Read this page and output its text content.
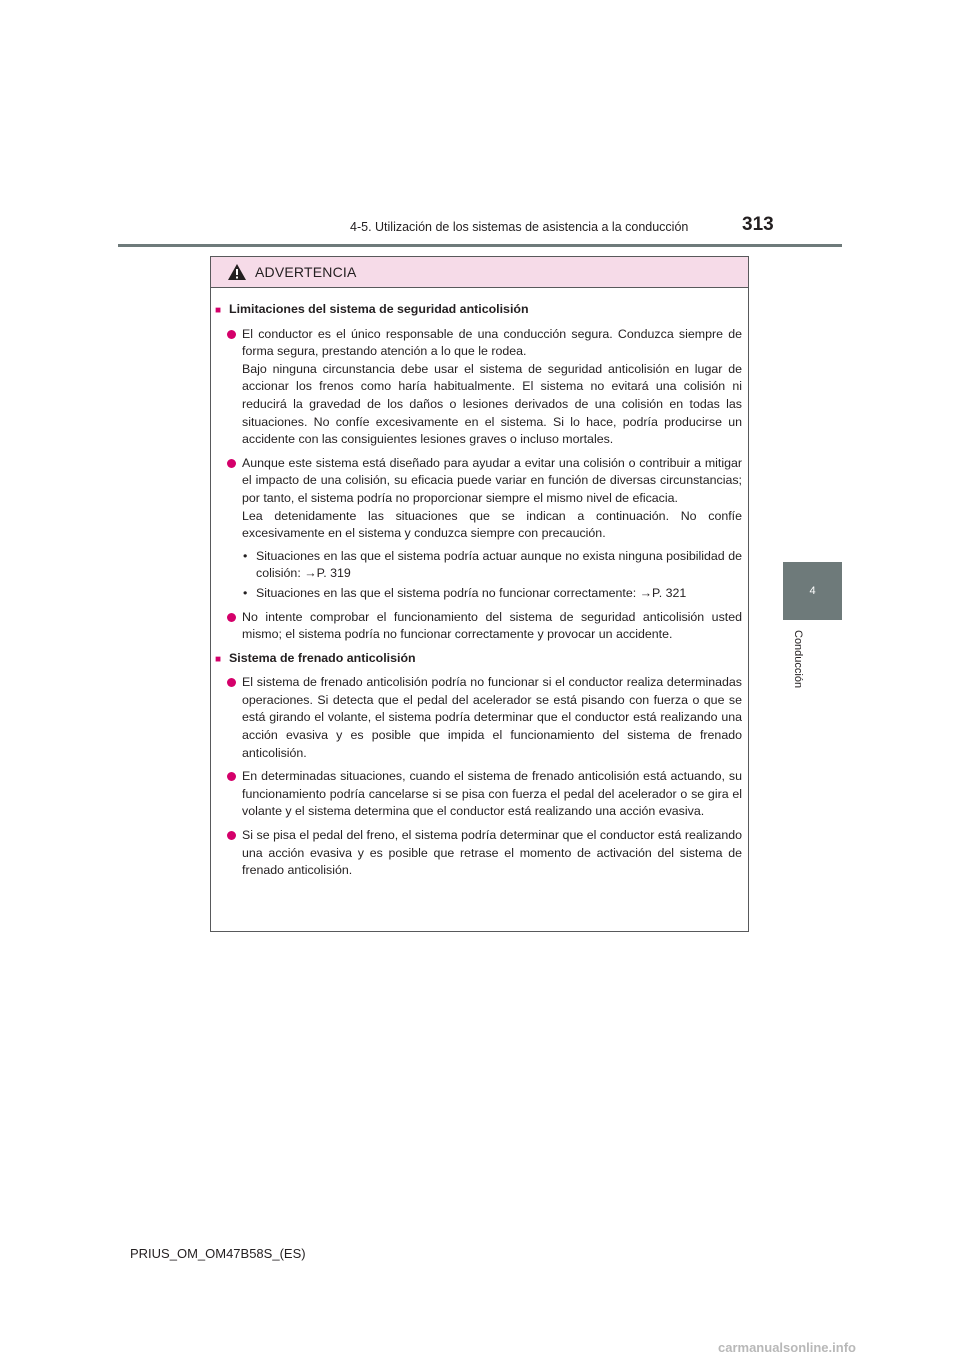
4-5. Utilización de los sistemas de asistencia a la conducción	313
4
Conducción
ADVERTENCIA
■ Limitaciones del sistema de seguridad anticolisión

El conductor es el único responsable de una conducción segura. Conduzca siempre de forma segura, prestando atención a lo que le rodea.

Bajo ninguna circunstancia debe usar el sistema de seguridad anticolisión en lugar de accionar los frenos como haría habitualmente. El sistema no evitará una colisión ni reducirá la gravedad de los daños o lesiones derivados de una colisión en todas las situaciones. No confíe excesivamente en el sistema. Si lo hace, podría producirse un accidente con las consiguientes lesiones graves o incluso mortales.

Aunque este sistema está diseñado para ayudar a evitar una colisión o contribuir a mitigar el impacto de una colisión, su eficacia puede variar en función de diversas circunstancias; por tanto, el sistema podría no proporcionar siempre el mismo nivel de eficacia.

Lea detenidamente las situaciones que se indican a continuación. No confíe excesivamente en el sistema y conduzca siempre con precaución.

• Situaciones en las que el sistema podría actuar aunque no exista ninguna posibilidad de colisión: →P. 319
• Situaciones en las que el sistema podría no funcionar correctamente: →P. 321

No intente comprobar el funcionamiento del sistema de seguridad anticolisión usted mismo; el sistema podría no funcionar correctamente y provocar un accidente.

■ Sistema de frenado anticolisión

El sistema de frenado anticolisión podría no funcionar si el conductor realiza determinadas operaciones. Si detecta que el pedal del acelerador se está pisando con fuerza o que se está girando el volante, el sistema podría determinar que el conductor está realizando una acción evasiva y es posible que impida el funcionamiento del sistema de frenado anticolisión.

En determinadas situaciones, cuando el sistema de frenado anticolisión está actuando, su funcionamiento podría cancelarse si se pisa con fuerza el pedal del acelerador o se gira el volante y el sistema determina que el conductor está realizando una acción evasiva.

Si se pisa el pedal del freno, el sistema podría determinar que el conductor está realizando una acción evasiva y es posible que retrase el momento de activación del sistema de frenado anticolisión.

PRIUS_OM_OM47B58S_(ES)
carmanualsonline.info
